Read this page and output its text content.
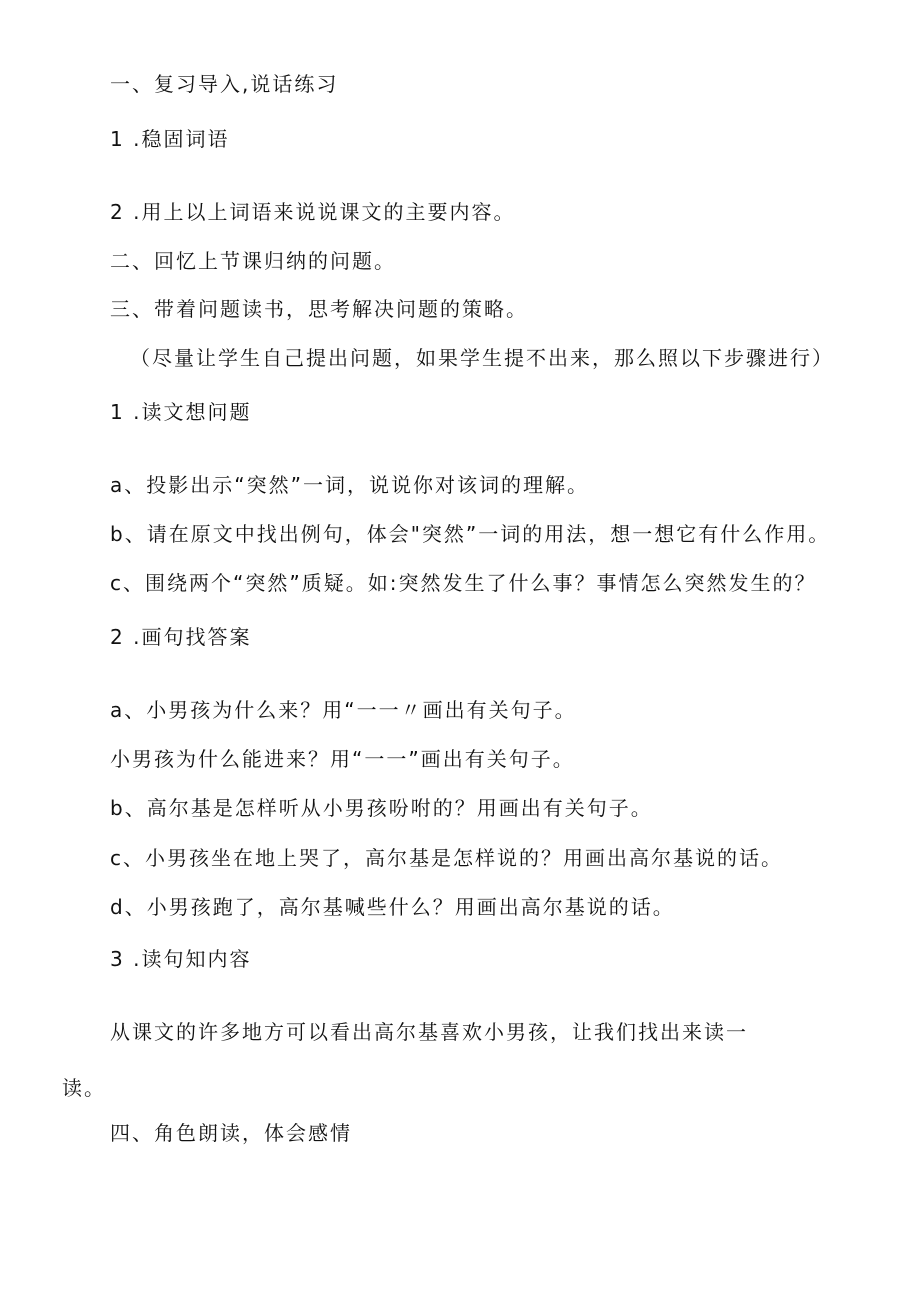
一、复习导入,说话练习
1 .稳固词语
2 .用上以上词语来说说课文的主要内容。
二、回忆上节课归纳的问题。
三、带着问题读书，思考解决问题的策略。
（尽量让学生自己提出问题，如果学生提不出来，那么照以下步骤进行）
1 .读文想问题
a、投影出示“突然”一词，说说你对该词的理解。
b、请在原文中找出例句，体会"突然”一词的用法，想一想它有什么作用。
c、围绕两个“突然”质疑。如:突然发生了什么事？事情怎么突然发生的？
2 .画句找答案
a、小男孩为什么来？用“一一〃画出有关句子。
小男孩为什么能进来？用“一一”画出有关句子。
b、高尔基是怎样听从小男孩吩咐的？用画出有关句子。
c、小男孩坐在地上哭了，高尔基是怎样说的？用画出高尔基说的话。
d、小男孩跑了，高尔基喊些什么？用画出高尔基说的话。
3 .读句知内容
从课文的许多地方可以看出高尔基喜欢小男孩，让我们找出来读一
读。
四、角色朗读，体会感情
